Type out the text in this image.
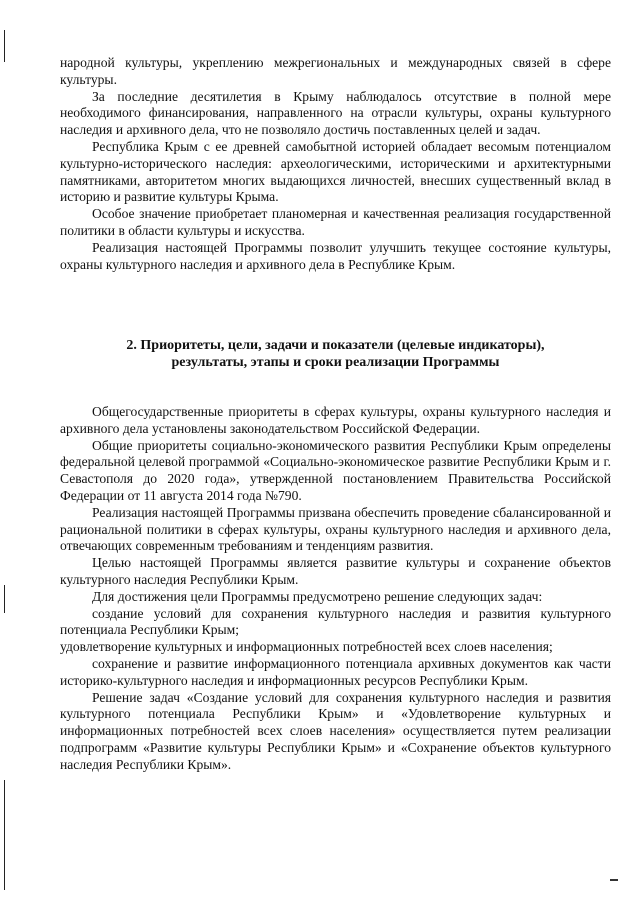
народной культуры, укреплению межрегиональных и международных связей в сфере культуры.

За последние десятилетия в Крыму наблюдалось отсутствие в полной мере необходимого финансирования, направленного на отрасли культуры, охраны культурного наследия и архивного дела, что не позволяло достичь поставленных целей и задач.

Республика Крым с ее древней самобытной историей обладает весомым потенциалом культурно-исторического наследия: археологическими, историческими и архитектурными памятниками, авторитетом многих выдающихся личностей, внесших существенный вклад в историю и развитие культуры Крыма.

Особое значение приобретает планомерная и качественная реализация государственной политики в области культуры и искусства.

Реализация настоящей Программы позволит улучшить текущее состояние культуры, охраны культурного наследия и архивного дела в Республике Крым.

2. Приоритеты, цели, задачи и показатели (целевые индикаторы),
результаты, этапы и сроки реализации Программы

Общегосударственные приоритеты в сферах культуры, охраны культурного наследия и архивного дела установлены законодательством Российской Федерации.

Общие приоритеты социально-экономического развития Республики Крым определены федеральной целевой программой «Социально-экономическое развитие Республики Крым и г. Севастополя до 2020 года», утвержденной постановлением Правительства Российской Федерации от 11 августа 2014 года №790.

Реализация настоящей Программы призвана обеспечить проведение сбалансированной и рациональной политики в сферах культуры, охраны культурного наследия и архивного дела, отвечающих современным требованиям и тенденциям развития.

Целью настоящей Программы является развитие культуры и сохранение объектов культурного наследия Республики Крым.

Для достижения цели Программы предусмотрено решение следующих задач:

создание условий для сохранения культурного наследия и развития культурного потенциала Республики Крым;

удовлетворение культурных и информационных потребностей всех слоев населения;

сохранение и развитие информационного потенциала архивных документов как части историко-культурного наследия и информационных ресурсов Республики Крым.

Решение задач «Создание условий для сохранения культурного наследия и развития культурного потенциала Республики Крым» и «Удовлетворение культурных и информационных потребностей всех слоев населения» осуществляется путем реализации подпрограмм «Развитие культуры Республики Крым» и «Сохранение объектов культурного наследия Республики Крым».
